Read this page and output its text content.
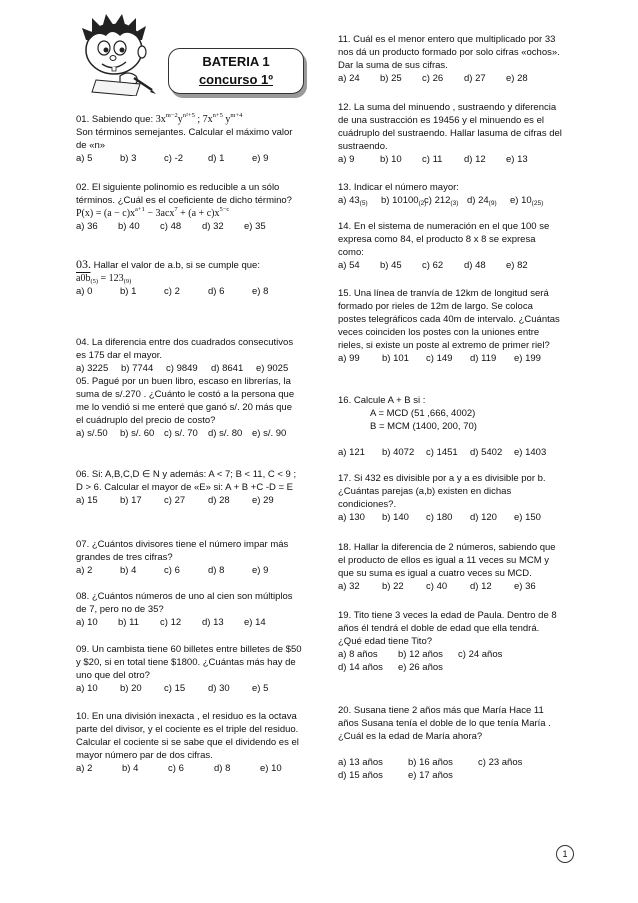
BATERIA 1
concurso 1º
01. Sabiendo que: $3x^{m-2}y^{n^2+5}$ ; $7x^{n+5}$ $y^{m+4}$
Son términos semejantes. Calcular el máximo valor de «n»
a) 5	b) 3	c) -2	d) 1	e) 9
02. El siguiente polinomio es reducible a un sólo términos. ¿Cuál es el coeficiente de dicho término? $P(x) = (a - c)x^{a+1} - 3acx^7 + (a + c)x^{5-c}$
a) 36 b) 40 c) 48 d) 32 e) 35
03. Hallar el valor de a.b, si se cumple que:
$a0b_{(5)} = 123_{(9)}$
a) 0	b) 1	c) 2	d) 6	e) 8
04. La diferencia entre dos cuadrados consecutivos es 175 dar el mayor.
a) 3225 b) 7744 c) 9849 d) 8641 e) 9025
05. Pagué por un buen libro, escaso en librerías, la suma de s/.270 . ¿Cuánto le costó a la persona que me lo vendió si me enteré que ganó s/. 20 más que el cuádruplo del precio de costo?
a) s/.50 b) s/. 60 c) s/. 70 d) s/. 80 e) s/. 90
06. Si: A,B,C,D ∈ N y además: A < 7; B < 11, C < 9 ; D > 6. Calcular el mayor de «E» si: A + B +C -D = E
a) 15 b) 17 c) 27 d) 28 e) 29
07. ¿Cuántos divisores tiene el número impar más grandes de tres cifras?
a) 2	b) 4	c) 6	d) 8	e) 9
08. ¿Cuántos números de uno al cien son múltiplos de 7, pero no de 35?
a) 10 b) 11 c) 12 d) 13 e) 14
09. Un cambista tiene 60 billetes entre billetes de $50 y $20, si en total tiene $1800. ¿Cuántas más hay de uno que del otro?
a) 10 b) 20 c) 15 d) 30 e) 5
10. En una división inexacta , el residuo es la octava parte del divisor, y el cociente es el triple del residuo. Calcular el cociente si se sabe que el dividendo es el mayor número par de dos cifras.
a) 2	b) 4	c) 6	d) 8	e) 10
11. Cuál es el menor entero que multiplicado por 33 nos dá un producto formado por solo cifras «ochos». Dar la suma de sus cifras.
a) 24 b) 25 c) 26 d) 27 e) 28
12. La suma del minuendo , sustraendo y diferencia de una sustracción es 19456 y el minuendo es el cuádruplo del sustraendo. Hallar lasuma de cifras del sustraendo.
a) 9	b) 10 c) 11 d) 12 e) 13
13. Indicar el número mayor:
a) $43_{(5)}$ b) $10100_{(2)}c$) $212_{(3)}$ d) $24_{(9)}$ e) $10_{(25)}$
14. En el sistema de numeración en el que 100 se expresa como 84, el producto 8 x 8 se expresa como:
a) 54 b) 45 c) 62 d) 48 e) 82
15. Una línea de tranvía de 12km de longitud será formado por rieles de 12m de largo. Se coloca postes telegráficos cada 40m de intervalo. ¿Cuántas veces coinciden los postes con la uniones entre rieles, si existe un poste al extremo de primer riel?
a) 99 b) 101 c) 149 d) 119 e) 199
16. Calcule A + B si :
A = MCD (51 ,666, 4002)
B = MCM (1400, 200, 70)
a) 121 b) 4072 c) 1451 d) 5402 e) 1403
17. Si 432 es divisible por a y a es divisible por b. ¿Cuántas parejas (a,b) existen en dichas condiciones?.
a) 130 b) 140 c) 180 d) 120 e) 150
18. Hallar la diferencia de 2 números, sabiendo que el producto de ellos es igual a 11 veces su MCM y que su suma es igual a cuatro veces su MCD.
a) 32 b) 22 c) 40 d) 12 e) 36
19. Tito tiene 3 veces la edad de Paula. Dentro de 8 años él tendrá el doble de edad que ella tendrá. ¿Qué edad tiene Tito?
a) 8 años b) 12 años c) 24 años
d) 14 años e) 26 años
20. Susana tiene 2 años más que María Hace 11 años Susana tenía el doble de lo que tenía María . ¿Cuál es la edad de María ahora?
a) 13 años	b) 16 años	c) 23 años
d) 15 años	e) 17 años
1
